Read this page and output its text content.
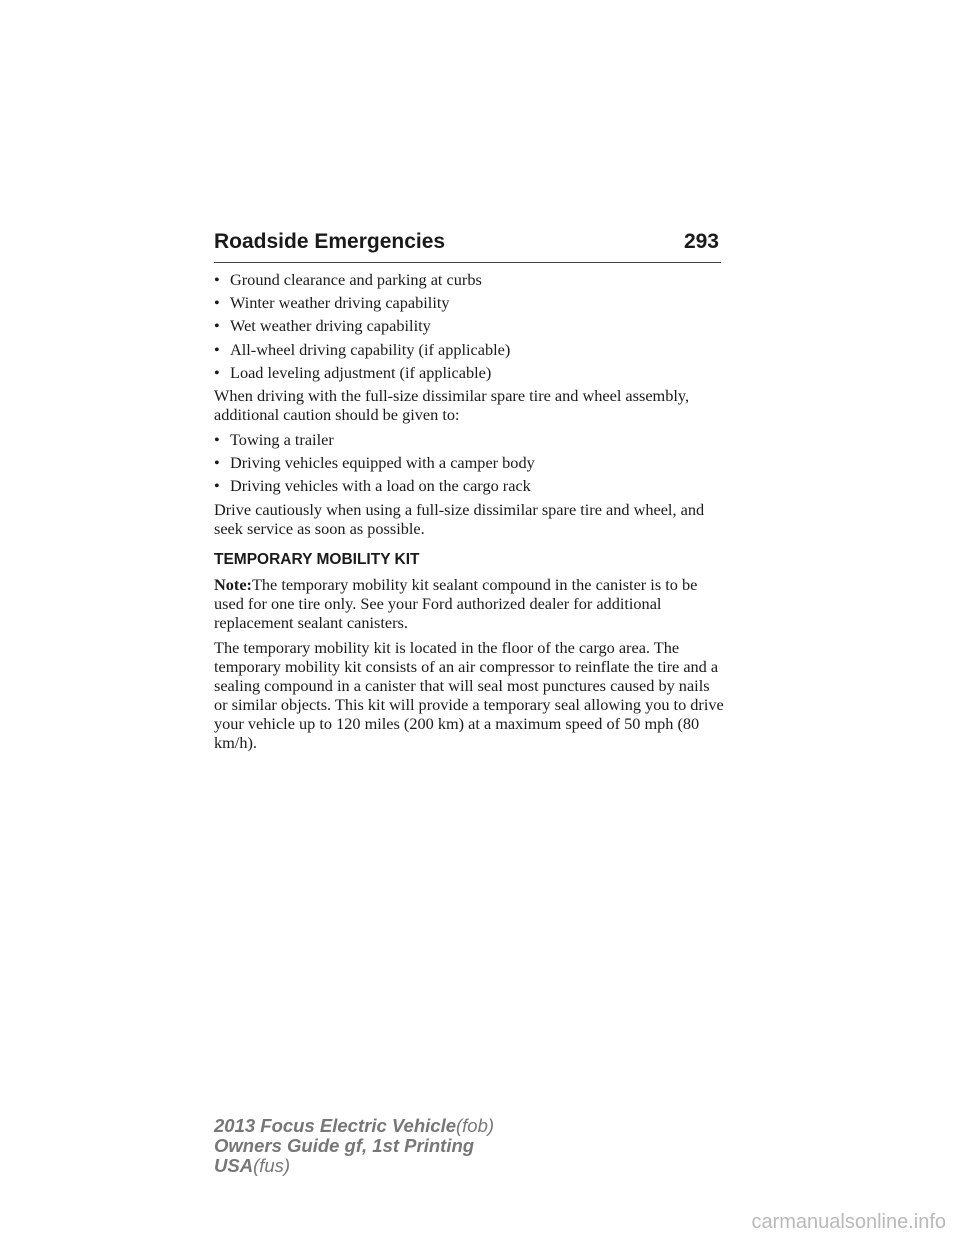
Roadside Emergencies	293
• Ground clearance and parking at curbs
• Winter weather driving capability
• Wet weather driving capability
• All-wheel driving capability (if applicable)
• Load leveling adjustment (if applicable)

When driving with the full-size dissimilar spare tire and wheel assembly, additional caution should be given to:

• Towing a trailer
• Driving vehicles equipped with a camper body
• Driving vehicles with a load on the cargo rack

Drive cautiously when using a full-size dissimilar spare tire and wheel, and seek service as soon as possible.

TEMPORARY MOBILITY KIT

Note:The temporary mobility kit sealant compound in the canister is to be used for one tire only. See your Ford authorized dealer for additional replacement sealant canisters.

The temporary mobility kit is located in the floor of the cargo area. The temporary mobility kit consists of an air compressor to reinflate the tire and a sealing compound in a canister that will seal most punctures caused by nails or similar objects. This kit will provide a temporary seal allowing you to drive your vehicle up to 120 miles (200 km) at a maximum speed of 50 mph (80 km/h).

2013 Focus Electric Vehicle(fob)
Owners Guide gf, 1st Printing
USA(fus)
carmanualsonline.info
